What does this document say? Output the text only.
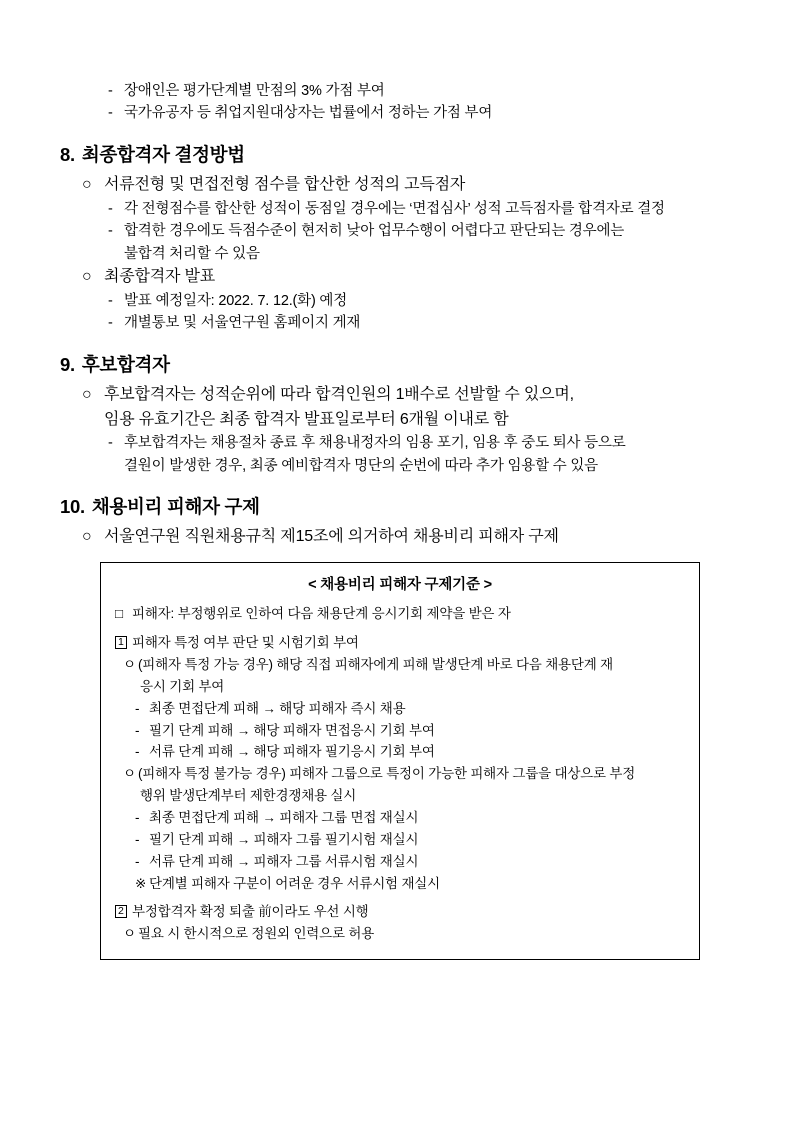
- 장애인은 평가단계별 만점의 3% 가점 부여
- 국가유공자 등 취업지원대상자는 법률에서 정하는 가점 부여
8. 최종합격자 결정방법
○ 서류전형 및 면접전형 점수를 합산한 성적의 고득점자
- 각 전형점수를 합산한 성적이 동점일 경우에는 ‘면접심사’ 성적 고득점자를 합격자로 결정
- 합격한 경우에도 득점수준이 현저히 낮아 업무수행이 어렵다고 판단되는 경우에는
불합격 처리할 수 있음
○ 최종합격자 발표
- 발표 예정일자: 2022. 7. 12.(화) 예정
- 개별통보 및 서울연구원 홈페이지 게재
9. 후보합격자
○ 후보합격자는 성적순위에 따라 합격인원의 1배수로 선발할 수 있으며,
임용 유효기간은 최종 합격자 발표일로부터 6개월 이내로 함
- 후보합격자는 채용절차 종료 후 채용내정자의 임용 포기, 임용 후 중도 퇴사 등으로
결원이 발생한 경우, 최종 예비합격자 명단의 순번에 따라 추가 임용할 수 있음
10. 채용비리 피해자 구제
○ 서울연구원 직원채용규칙 제15조에 의거하여 채용비리 피해자 구제
< 채용비리 피해자 구제기준 >
□ 피해자: 부정행위로 인하여 다음 채용단계 응시기회 제약을 받은 자
1 피해자 특정 여부 판단 및 시험기회 부여
ㅇ (피해자 특정 가능 경우) 해당 직접 피해자에게 피해 발생단계 바로 다음 채용단계 재
응시 기회 부여
- 최종 면접단계 피해 → 해당 피해자 즉시 채용
- 필기 단계 피해 → 해당 피해자 면접응시 기회 부여
- 서류 단계 피해 → 해당 피해자 필기응시 기회 부여
ㅇ (피해자 특정 불가능 경우) 피해자 그룹으로 특정이 가능한 피해자 그룹을 대상으로 부정
행위 발생단계부터 제한경쟁채용 실시
- 최종 면접단계 피해 → 피해자 그룹 면접 재실시
- 필기 단계 피해 → 피해자 그룹 필기시험 재실시
- 서류 단계 피해 → 피해자 그룹 서류시험 재실시
※ 단계별 피해자 구분이 어려운 경우 서류시험 재실시
2 부정합격자 확정 퇴출 前이라도 우선 시행
ㅇ 필요 시 한시적으로 정원외 인력으로 허용
